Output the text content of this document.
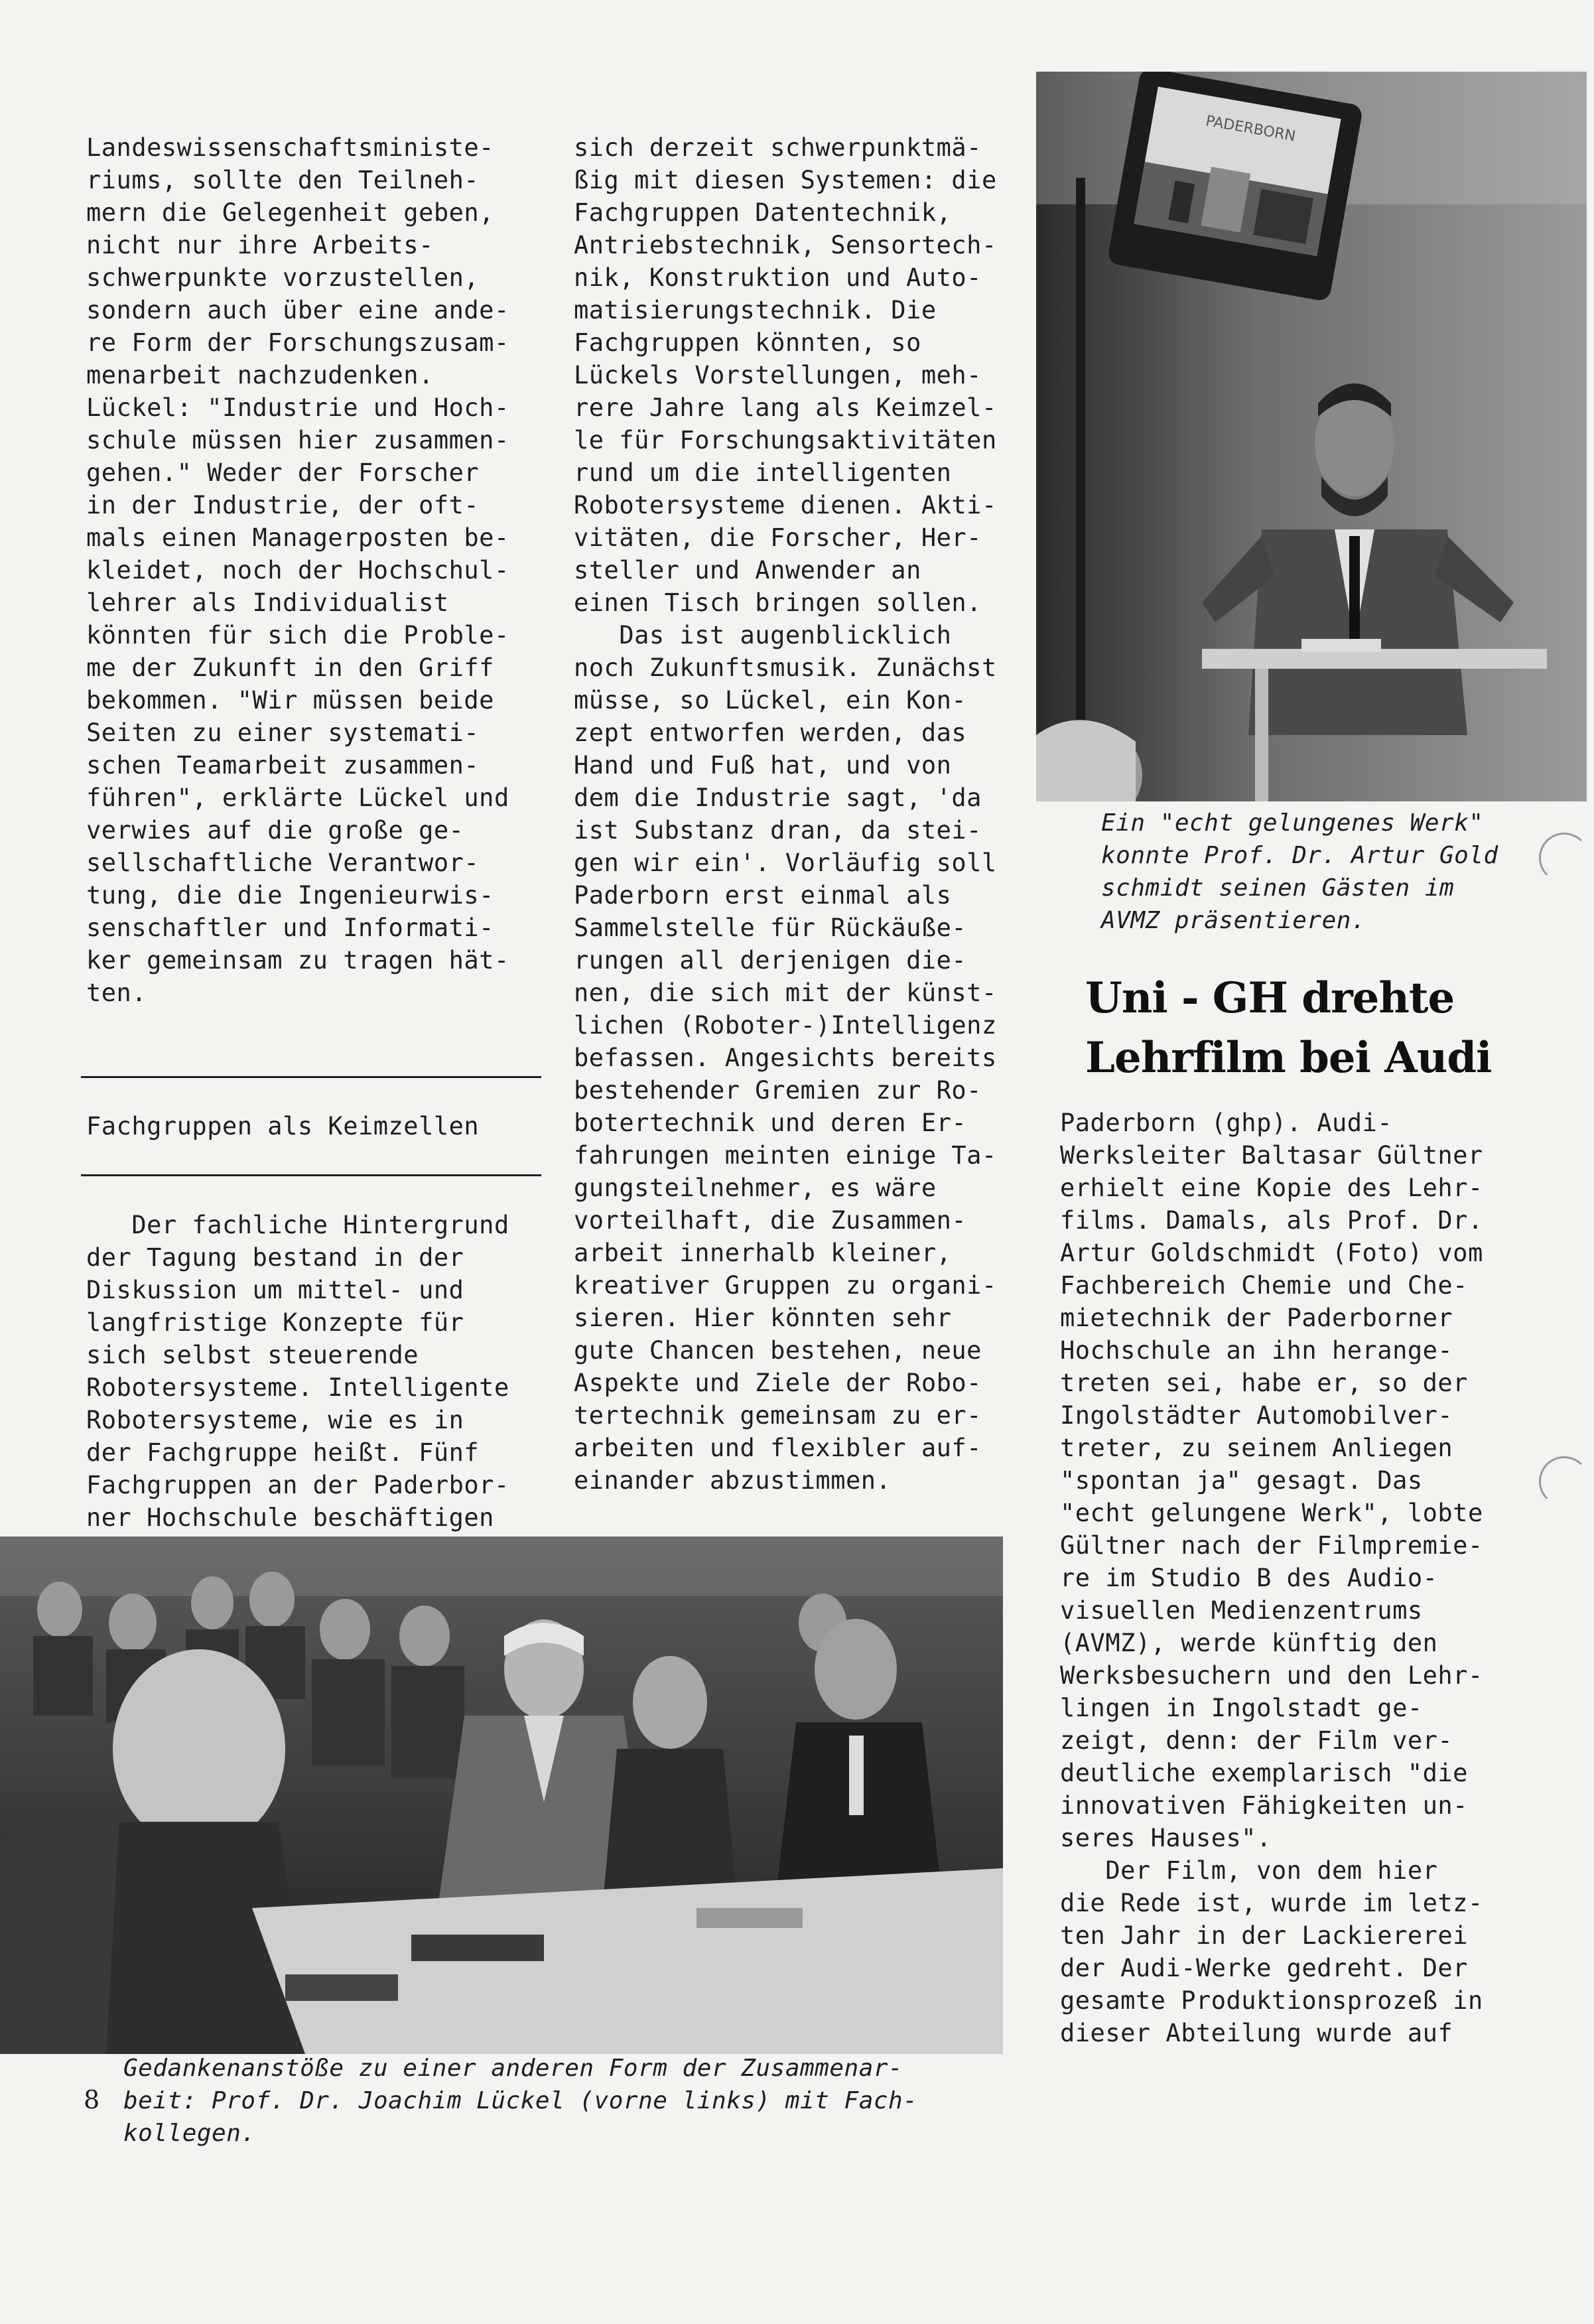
Landeswissenschaftsministe-
riums, sollte den Teilneh-
mern die Gelegenheit geben,
nicht nur ihre Arbeits-
schwerpunkte vorzustellen,
sondern auch über eine ande-
re Form der Forschungszusam-
menarbeit nachzudenken.
Lückel: "Industrie und Hoch-
schule müssen hier zusammen-
gehen." Weder der Forscher
in der Industrie, der oft-
mals einen Managerposten be-
kleidet, noch der Hochschul-
lehrer als Individualist
könnten für sich die Proble-
me der Zukunft in den Griff
bekommen. "Wir müssen beide
Seiten zu einer systemati-
schen Teamarbeit zusammen-
führen", erklärte Lückel und
verwies auf die große ge-
sellschaftliche Verantwor-
tung, die die Ingenieurwis-
senschaftler und Informati-
ker gemeinsam zu tragen hät-
ten.
Fachgruppen als Keimzellen
Der fachliche Hintergrund
der Tagung bestand in der
Diskussion um mittel- und
langfristige Konzepte für
sich selbst steuerende
Robotersysteme. Intelligente
Robotersysteme, wie es in
der Fachgruppe heißt. Fünf
Fachgruppen an der Paderbor-
ner Hochschule beschäftigen
sich derzeit schwerpunktmä-
ßig mit diesen Systemen: die
Fachgruppen Datentechnik,
Antriebstechnik, Sensortech-
nik, Konstruktion und Auto-
matisierungstechnik. Die
Fachgruppen könnten, so
Lückels Vorstellungen, meh-
rere Jahre lang als Keimzel-
le für Forschungsaktivitäten
rund um die intelligenten
Robotersysteme dienen. Akti-
vitäten, die Forscher, Her-
steller und Anwender an
einen Tisch bringen sollen.
Das ist augenblicklich
noch Zukunftsmusik. Zunächst
müsse, so Lückel, ein Kon-
zept entworfen werden, das
Hand und Fuß hat, und von
dem die Industrie sagt, 'da
ist Substanz dran, da stei-
gen wir ein'. Vorläufig soll
Paderborn erst einmal als
Sammelstelle für Rückäuße-
rungen all derjenigen die-
nen, die sich mit der künst-
lichen (Roboter-)Intelligenz
befassen. Angesichts bereits
bestehender Gremien zur Ro-
botertechnik und deren Er-
fahrungen meinten einige Ta-
gungsteilnehmer, es wäre
vorteilhaft, die Zusammen-
arbeit innerhalb kleiner,
kreativer Gruppen zu organi-
sieren. Hier könnten sehr
gute Chancen bestehen, neue
Aspekte und Ziele der Robo-
tertechnik gemeinsam zu er-
arbeiten und flexibler auf-
einander abzustimmen.
PADERBORN
Ein "echt gelungenes Werk"
konnte Prof. Dr. Artur Gold
schmidt seinen Gästen im
AVMZ präsentieren.
Uni - GH drehte
Lehrfilm bei Audi
Paderborn (ghp). Audi-
Werksleiter Baltasar Gültner
erhielt eine Kopie des Lehr-
films. Damals, als Prof. Dr.
Artur Goldschmidt (Foto) vom
Fachbereich Chemie und Che-
mietechnik der Paderborner
Hochschule an ihn herange-
treten sei, habe er, so der
Ingolstädter Automobilver-
treter, zu seinem Anliegen
"spontan ja" gesagt. Das
"echt gelungene Werk", lobte
Gültner nach der Filmpremie-
re im Studio B des Audio-
visuellen Medienzentrums
(AVMZ), werde künftig den
Werksbesuchern und den Lehr-
lingen in Ingolstadt ge-
zeigt, denn: der Film ver-
deutliche exemplarisch "die
innovativen Fähigkeiten un-
seres Hauses".
Der Film, von dem hier
die Rede ist, wurde im letz-
ten Jahr in der Lackiererei
der Audi-Werke gedreht. Der
gesamte Produktionsprozeß in
dieser Abteilung wurde auf
Gedankenanstöße zu einer anderen Form der Zusammenar-
beit: Prof. Dr. Joachim Lückel (vorne links) mit Fach-
kollegen.
8
